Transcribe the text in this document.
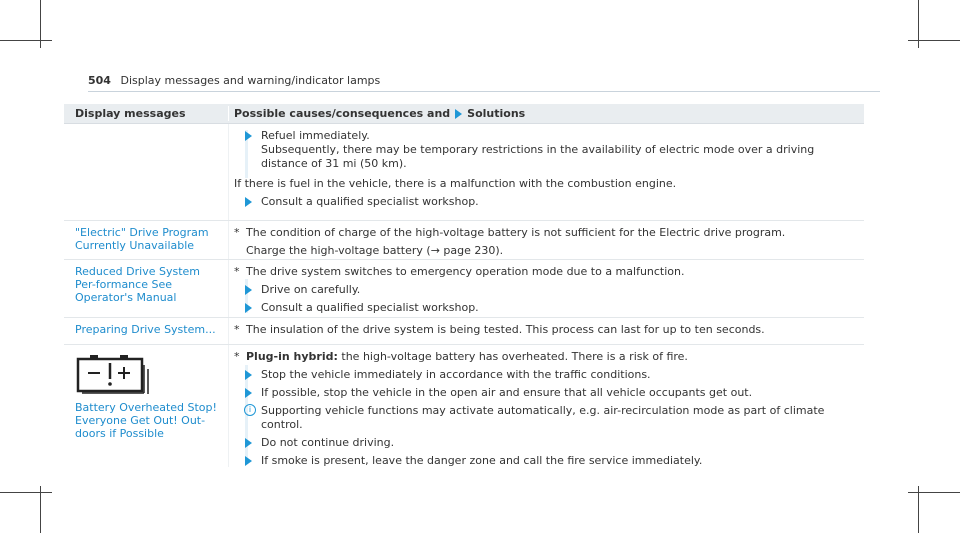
504 Display messages and warning/indicator lamps
Display messages	Possible causes/consequences and Solutions
Refuel immediately.
Subsequently, there may be temporary restrictions in the availability of electric mode over a driving distance of 31 mi (50 km).
If there is fuel in the vehicle, there is a malfunction with the combustion engine.
Consult a qualified specialist workshop.
"Electric" Drive Program Currently Unavailable
* The condition of charge of the high-voltage battery is not sufficient for the Electric drive program.
Charge the high-voltage battery (→ page 230).
Reduced Drive System Per-formance See Operator's Manual
* The drive system switches to emergency operation mode due to a malfunction.
Drive on carefully.
Consult a qualified specialist workshop.
Preparing Drive System...	* The insulation of the drive system is being tested. This process can last for up to ten seconds.
Battery Overheated Stop! Everyone Get Out! Out-doors if Possible
* Plug-in hybrid: the high-voltage battery has overheated. There is a risk of fire.
Stop the vehicle immediately in accordance with the traffic conditions.
If possible, stop the vehicle in the open air and ensure that all vehicle occupants get out.
i Supporting vehicle functions may activate automatically, e.g. air-recirculation mode as part of climate control.
Do not continue driving.
If smoke is present, leave the danger zone and call the fire service immediately.
